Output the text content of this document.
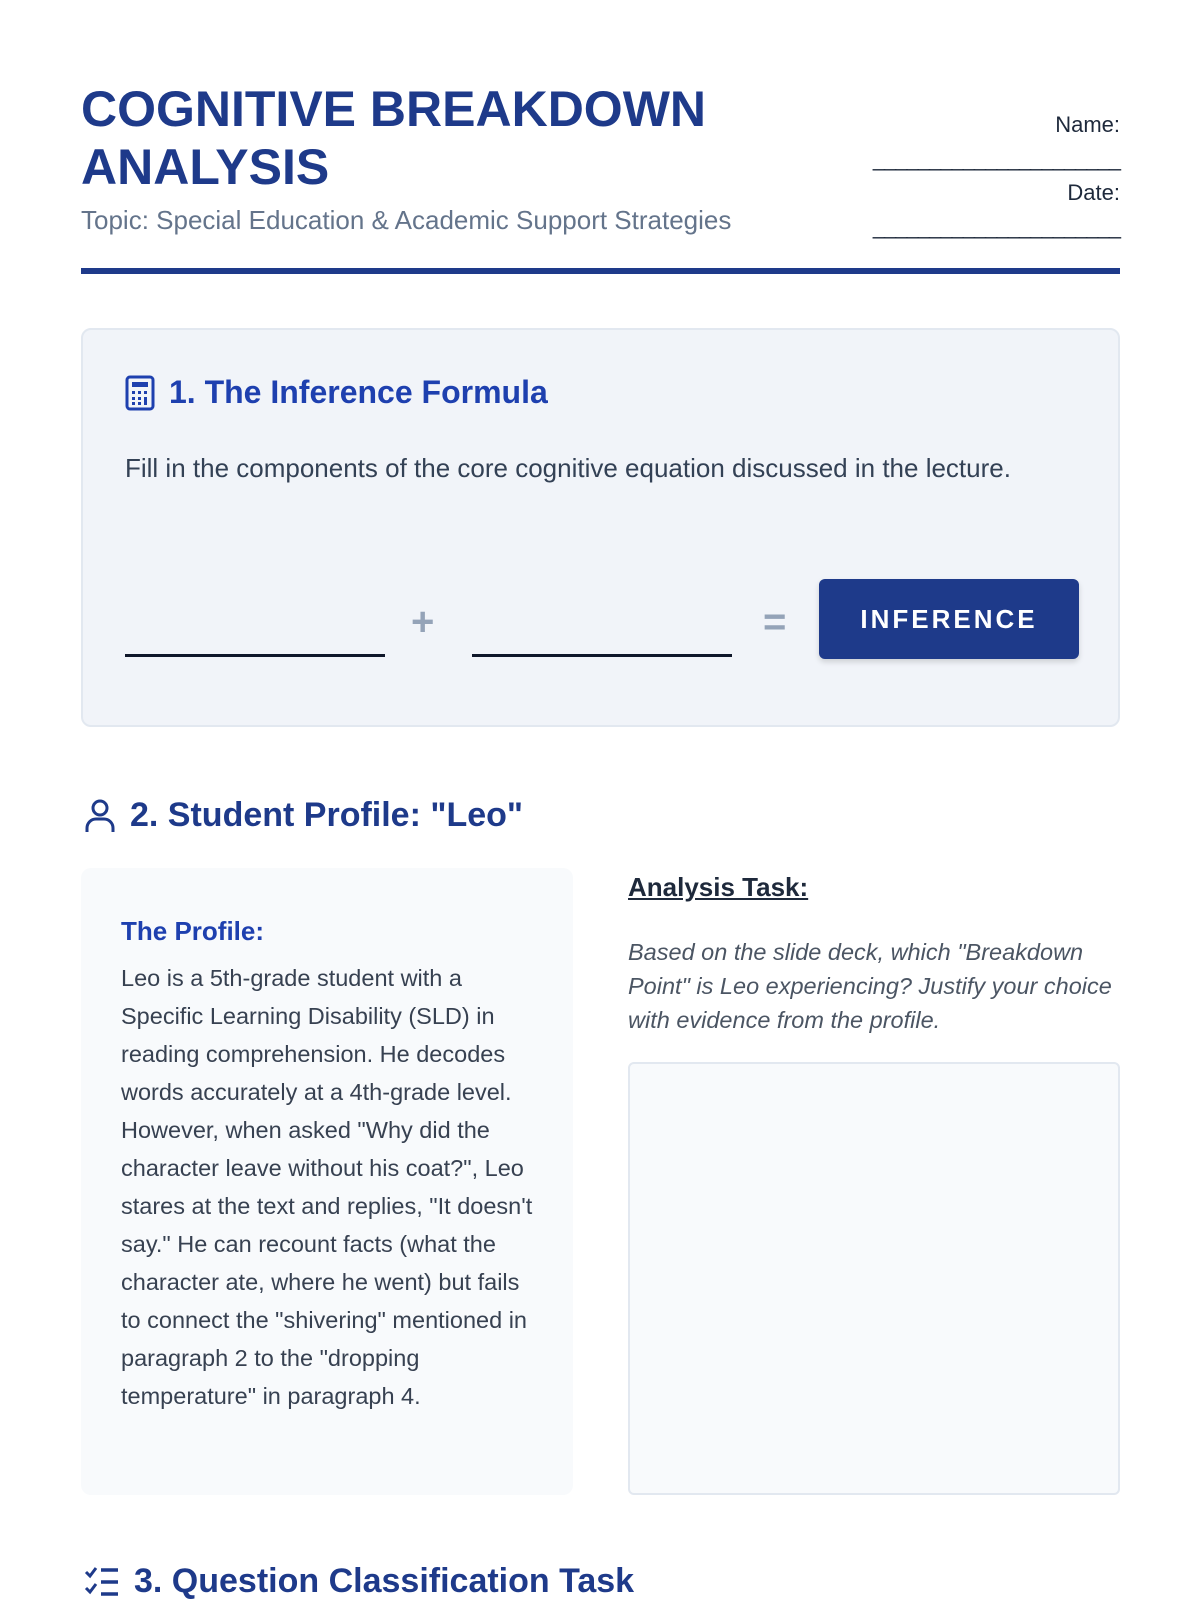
COGNITIVE BREAKDOWN ANALYSIS
Topic: Special Education & Academic Support Strategies
Name:
______________________
Date:
______________________
1. The Inference Formula

Fill in the components of the core cognitive equation discussed in the lecture.

+	=	INFERENCE
2. Student Profile: "Leo"
The Profile:

Leo is a 5th-grade student with a Specific Learning Disability (SLD) in reading comprehension. He decodes words accurately at a 4th-grade level. However, when asked "Why did the character leave without his coat?", Leo stares at the text and replies, "It doesn't say." He can recount facts (what the character ate, where he went) but fails to connect the "shivering" mentioned in paragraph 2 to the "dropping temperature" in paragraph 4.

Analysis Task:
Based on the slide deck, which "Breakdown Point" is Leo experiencing? Justify your choice with evidence from the profile.
3. Question Classification Task
